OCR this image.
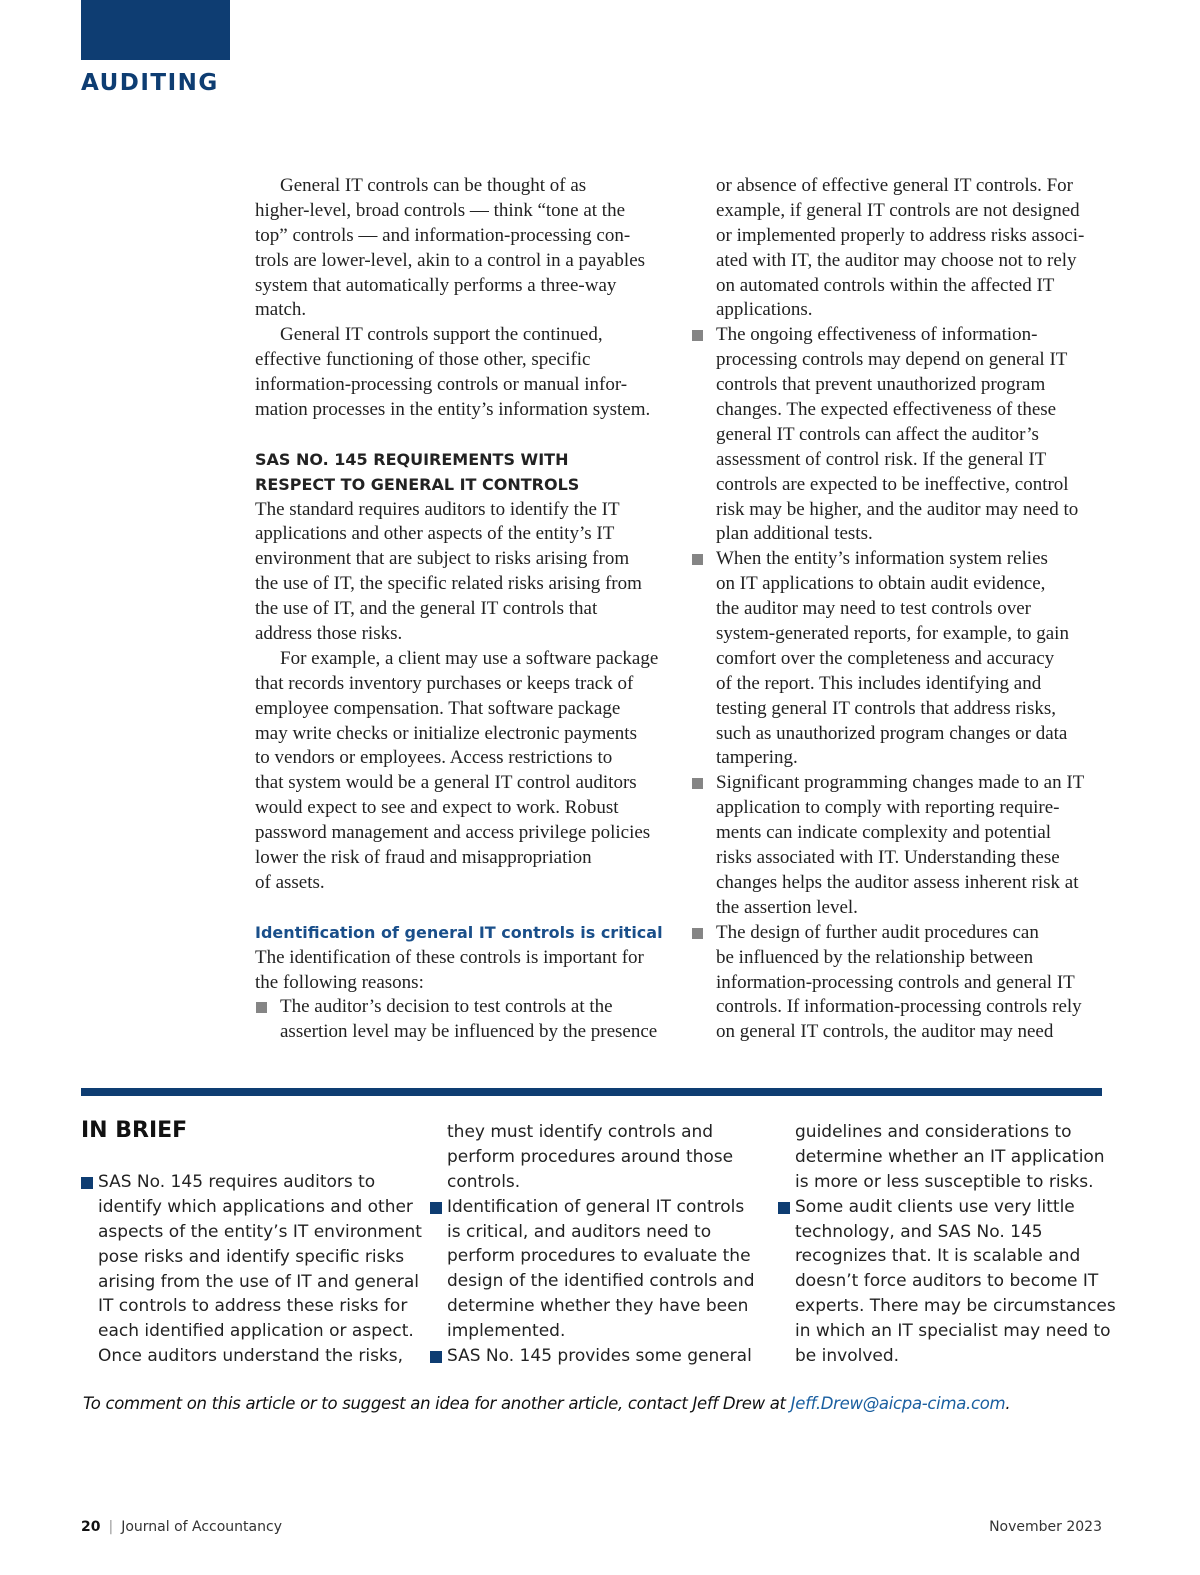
AUDITING
General IT controls can be thought of as
higher-level, broad controls — think “tone at the
top” controls — and information-processing con-
trols are lower-level, akin to a control in a payables
system that automatically performs a three-way
match.
General IT controls support the continued,
effective functioning of those other, specific
information-processing controls or manual infor-
mation processes in the entity’s information system.
SAS NO. 145 REQUIREMENTS WITH
RESPECT TO GENERAL IT CONTROLS
The standard requires auditors to identify the IT
applications and other aspects of the entity’s IT
environment that are subject to risks arising from
the use of IT, the specific related risks arising from
the use of IT, and the general IT controls that
address those risks.
For example, a client may use a software package
that records inventory purchases or keeps track of
employee compensation. That software package
may write checks or initialize electronic payments
to vendors or employees. Access restrictions to
that system would be a general IT control auditors
would expect to see and expect to work. Robust
password management and access privilege policies
lower the risk of fraud and misappropriation
of assets.
Identification of general IT controls is critical
The identification of these controls is important for
the following reasons:
The auditor’s decision to test controls at the
assertion level may be influenced by the presence
or absence of effective general IT controls. For
example, if general IT controls are not designed
or implemented properly to address risks associ-
ated with IT, the auditor may choose not to rely
on automated controls within the affected IT
applications.
The ongoing effectiveness of information-
processing controls may depend on general IT
controls that prevent unauthorized program
changes. The expected effectiveness of these
general IT controls can affect the auditor’s
assessment of control risk. If the general IT
controls are expected to be ineffective, control
risk may be higher, and the auditor may need to
plan additional tests.
When the entity’s information system relies
on IT applications to obtain audit evidence,
the auditor may need to test controls over
system-generated reports, for example, to gain
comfort over the completeness and accuracy
of the report. This includes identifying and
testing general IT controls that address risks,
such as unauthorized program changes or data
tampering.
Significant programming changes made to an IT
application to comply with reporting require-
ments can indicate complexity and potential
risks associated with IT. Understanding these
changes helps the auditor assess inherent risk at
the assertion level.
The design of further audit procedures can
be influenced by the relationship between
information-processing controls and general IT
controls. If information-processing controls rely
on general IT controls, the auditor may need
IN BRIEF
SAS No. 145 requires auditors to
identify which applications and other
aspects of the entity’s IT environment
pose risks and identify specific risks
arising from the use of IT and general
IT controls to address these risks for
each identified application or aspect.
Once auditors understand the risks,
they must identify controls and
perform procedures around those
controls.
Identification of general IT controls
is critical, and auditors need to
perform procedures to evaluate the
design of the identified controls and
determine whether they have been
implemented.
SAS No. 145 provides some general
guidelines and considerations to
determine whether an IT application
is more or less susceptible to risks.
Some audit clients use very little
technology, and SAS No. 145
recognizes that. It is scalable and
doesn’t force auditors to become IT
experts. There may be circumstances
in which an IT specialist may need to
be involved.
To comment on this article or to suggest an idea for another article, contact Jeff Drew at Jeff.Drew@aicpa-cima.com.
20 | Journal of Accountancy	November 2023
